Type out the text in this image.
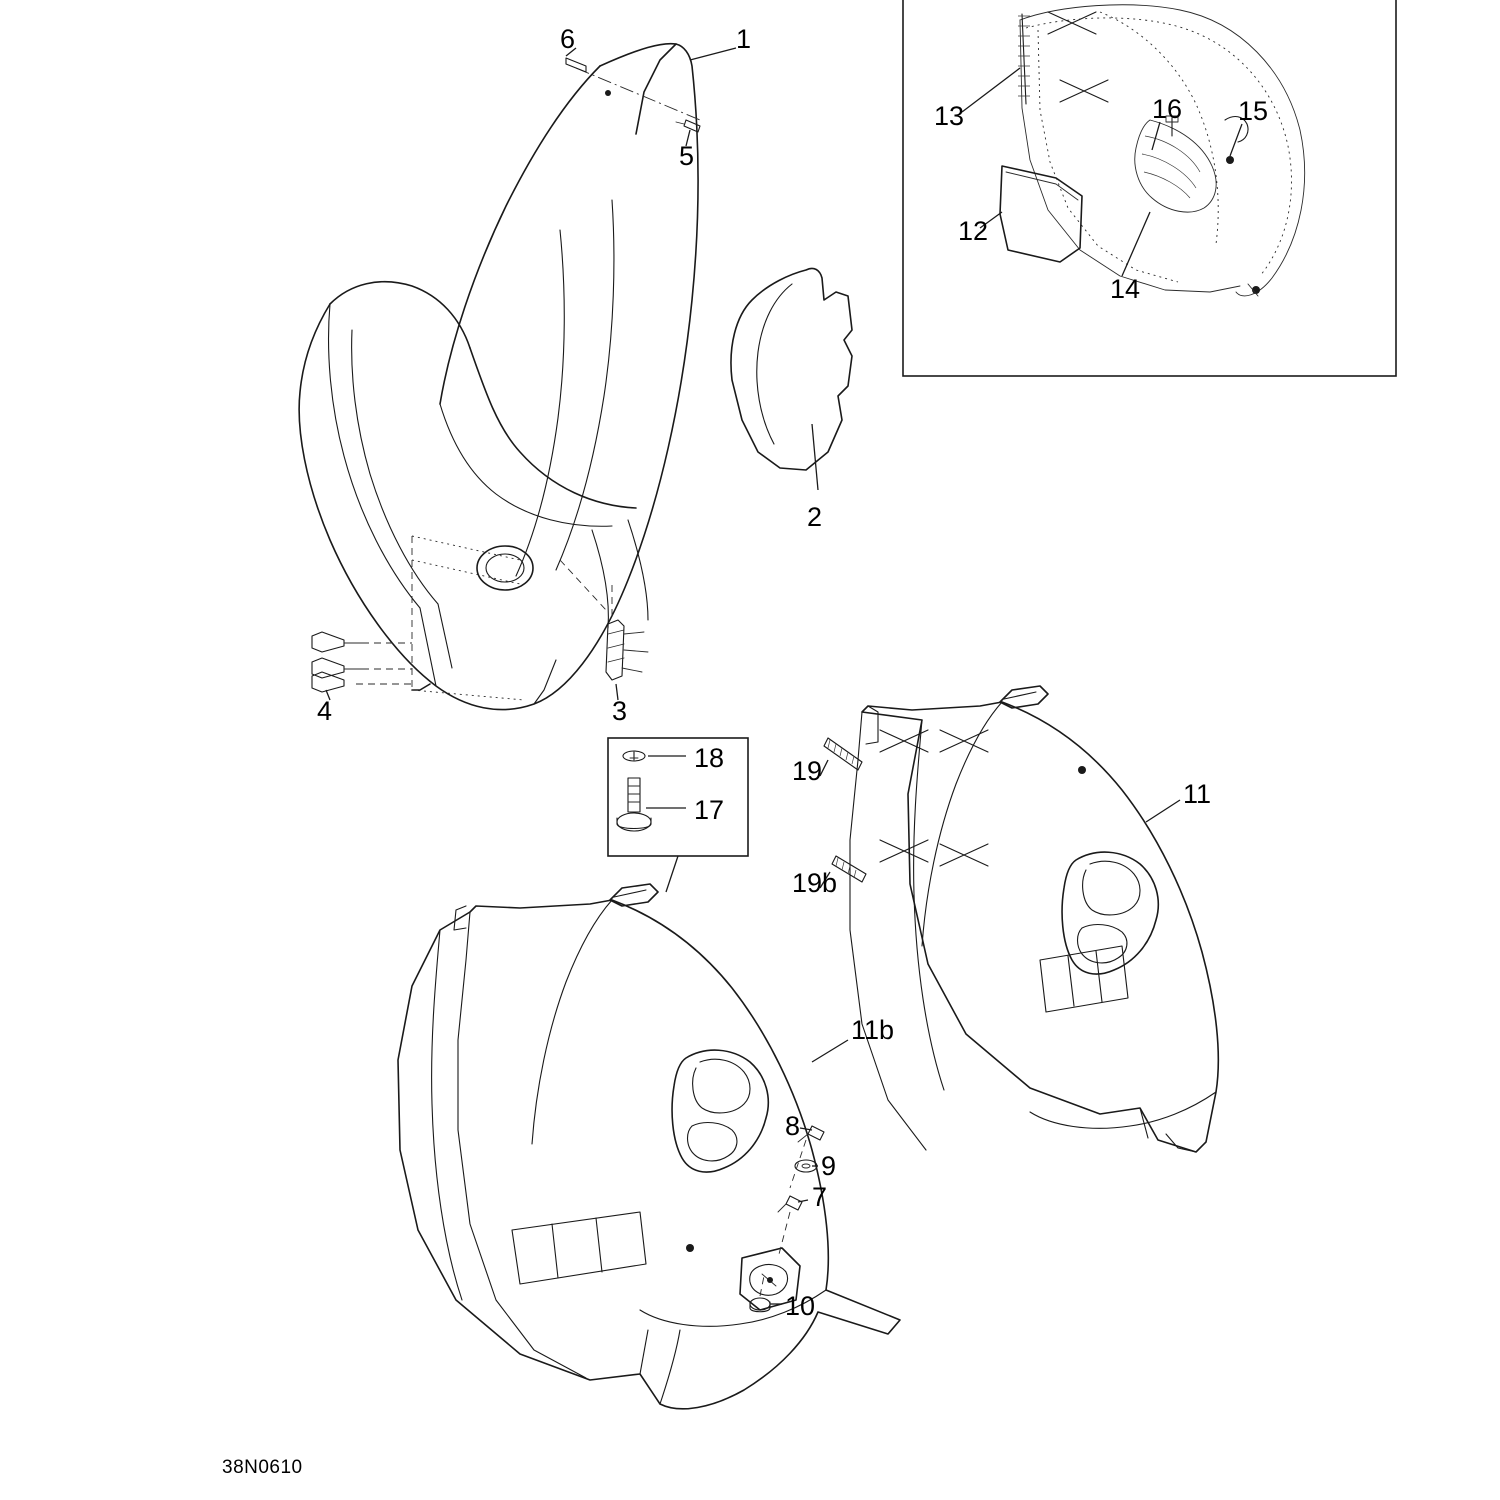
1
6
5
4	3
2
13	16 15
12
14
18
17
19
19b
11
11b
8
9
7
10
38N0610
